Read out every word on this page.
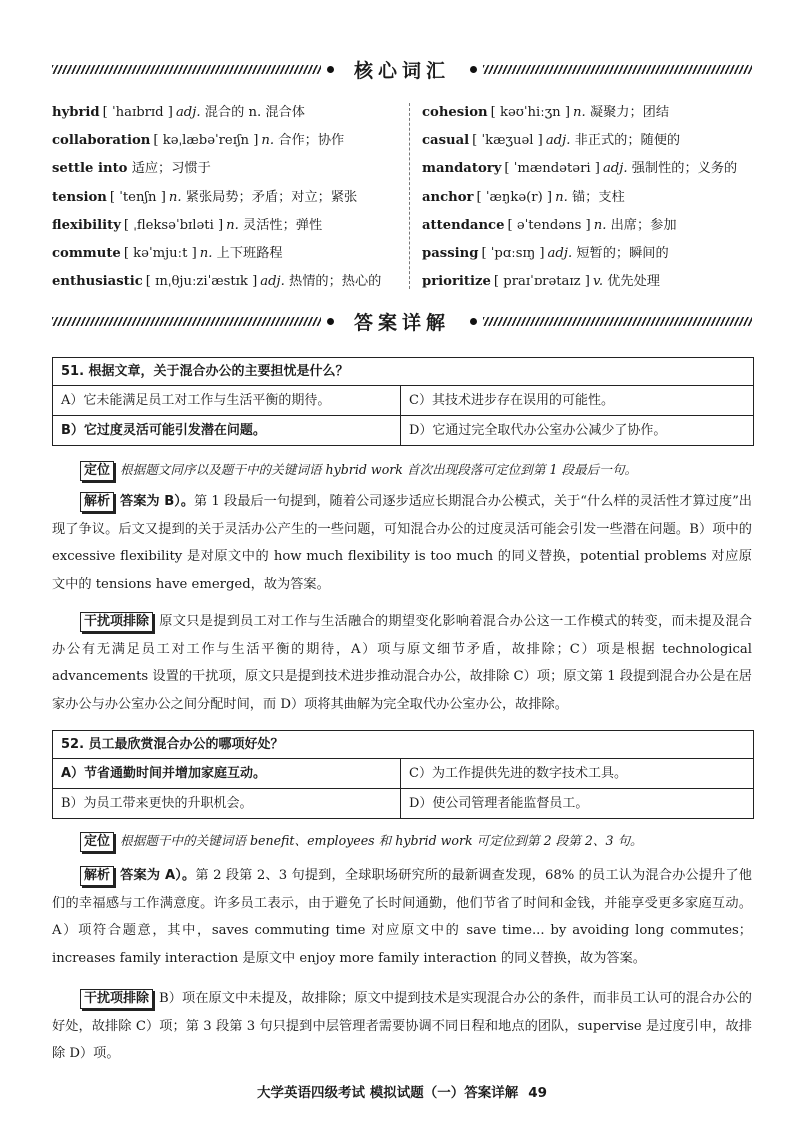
核心词汇
hybrid [ ˈhaɪbrɪd ] adj. 混合的 n. 混合体
collaboration [ kəˌlæbəˈreɪʃn ] n. 合作；协作
settle into 适应；习惯于
tension [ ˈtenʃn ] n. 紧张局势；矛盾；对立；紧张
flexibility [ ˌfleksəˈbɪləti ] n. 灵活性；弹性
commute [ kəˈmjuːt ] n. 上下班路程
enthusiastic [ ɪnˌθjuːziˈæstɪk ] adj. 热情的；热心的
cohesion [ kəʊˈhiːʒn ] n. 凝聚力；团结
casual [ ˈkæʒuəl ] adj. 非正式的；随便的
mandatory [ ˈmændətəri ] adj. 强制性的；义务的
anchor [ ˈæŋkə(r) ] n. 锚；支柱
attendance [ əˈtendəns ] n. 出席；参加
passing [ ˈpɑːsɪŋ ] adj. 短暂的；瞬间的
prioritize [ praɪˈɒrətaɪz ] v. 优先处理
答案详解
51. 根据文章，关于混合办公的主要担忧是什么？
A）它未能满足员工对工作与生活平衡的期待。	C）其技术进步存在误用的可能性。
B）它过度灵活可能引发潜在问题。	D）它通过完全取代办公室办公减少了协作。
定位 根据题文同序以及题干中的关键词语 hybrid work 首次出现段落可定位到第 1 段最后一句。
解析 答案为 B）。第 1 段最后一句提到，随着公司逐步适应长期混合办公模式，关于“什么样的灵活性才算过度”出现了争议。后文又提到的关于灵活办公产生的一些问题，可知混合办公的过度灵活可能会引发一些潜在问题。B）项中的 excessive flexibility 是对原文中的 how much flexibility is too much 的同义替换，potential problems 对应原文中的 tensions have emerged，故为答案。
干扰项排除 原文只是提到员工对工作与生活融合的期望变化影响着混合办公这一工作模式的转变，而未提及混合办公有无满足员工对工作与生活平衡的期待，A）项与原文细节矛盾，故排除；C）项是根据 technological advancements 设置的干扰项，原文只是提到技术进步推动混合办公，故排除 C）项；原文第 1 段提到混合办公是在居家办公与办公室办公之间分配时间，而 D）项将其曲解为完全取代办公室办公，故排除。
52. 员工最欣赏混合办公的哪项好处？
A）节省通勤时间并增加家庭互动。	C）为工作提供先进的数字技术工具。
B）为员工带来更快的升职机会。	D）使公司管理者能监督员工。
定位 根据题干中的关键词语 benefit、employees 和 hybrid work 可定位到第 2 段第 2、3 句。
解析 答案为 A）。第 2 段第 2、3 句提到，全球职场研究所的最新调查发现，68% 的员工认为混合办公提升了他们的幸福感与工作满意度。许多员工表示，由于避免了长时间通勤，他们节省了时间和金钱，并能享受更多家庭互动。A）项符合题意，其中，saves commuting time 对应原文中的 save time... by avoiding long commutes；increases family interaction 是原文中 enjoy more family interaction 的同义替换，故为答案。
干扰项排除 B）项在原文中未提及，故排除；原文中提到技术是实现混合办公的条件，而非员工认可的混合办公的好处，故排除 C）项；第 3 段第 3 句只提到中层管理者需要协调不同日程和地点的团队，supervise 是过度引申，故排除 D）项。
大学英语四级考试 模拟试题（一）答案详解 49
